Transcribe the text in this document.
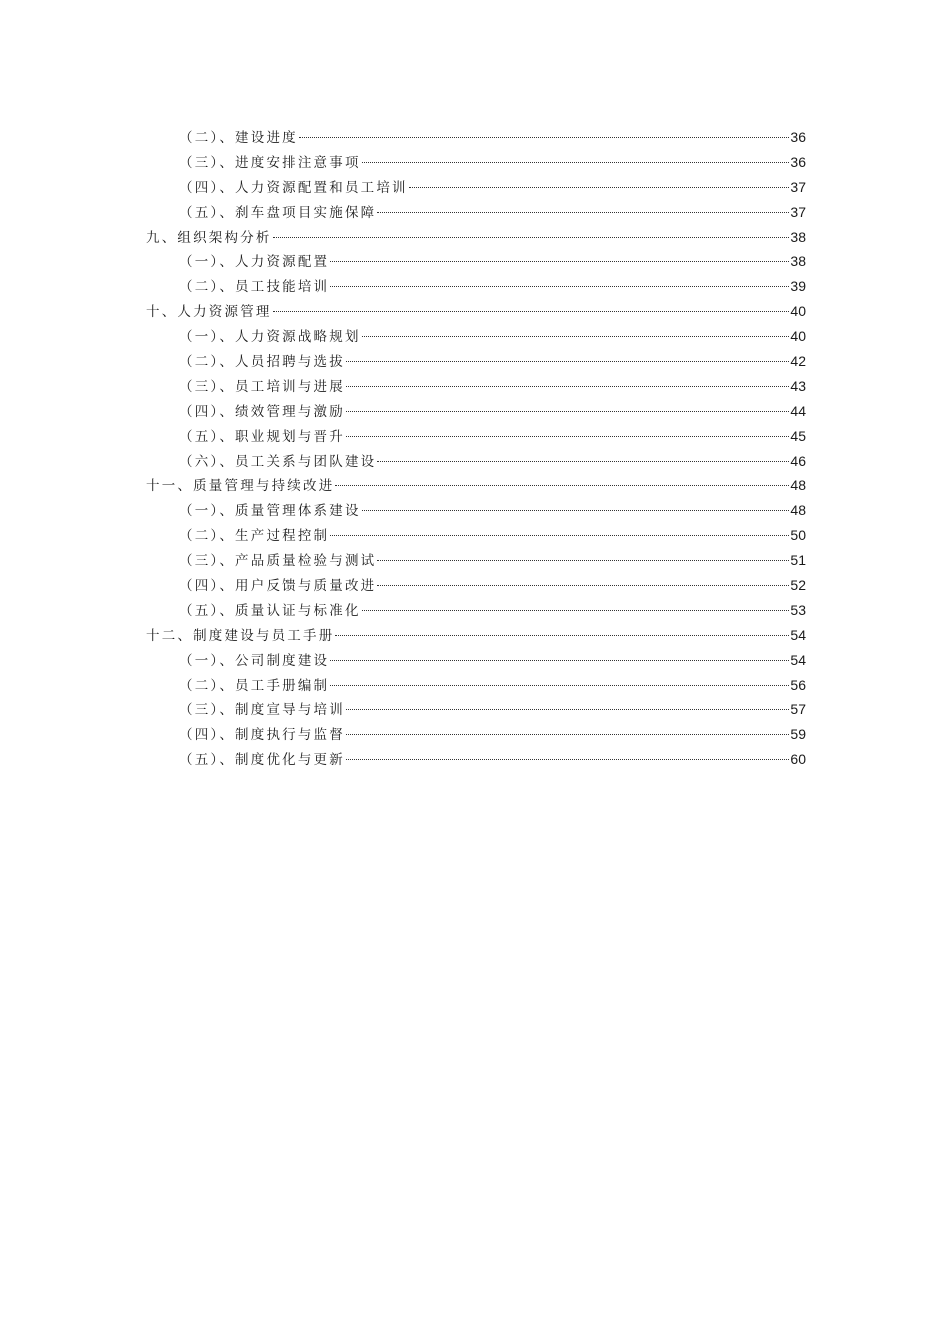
（二）、建设进度	36
（三）、进度安排注意事项	36
（四）、人力资源配置和员工培训	37
（五）、刹车盘项目实施保障	37
九、组织架构分析	38
（一）、人力资源配置	38
（二）、员工技能培训	39
十、人力资源管理	40
（一）、人力资源战略规划	40
（二）、人员招聘与选拔	42
（三）、员工培训与进展	43
（四）、绩效管理与激励	44
（五）、职业规划与晋升	45
（六）、员工关系与团队建设	46
十一、质量管理与持续改进	48
（一）、质量管理体系建设	48
（二）、生产过程控制	50
（三）、产品质量检验与测试	51
（四）、用户反馈与质量改进	52
（五）、质量认证与标准化	53
十二、制度建设与员工手册	54
（一）、公司制度建设	54
（二）、员工手册编制	56
（三）、制度宣导与培训	57
（四）、制度执行与监督	59
（五）、制度优化与更新	60
